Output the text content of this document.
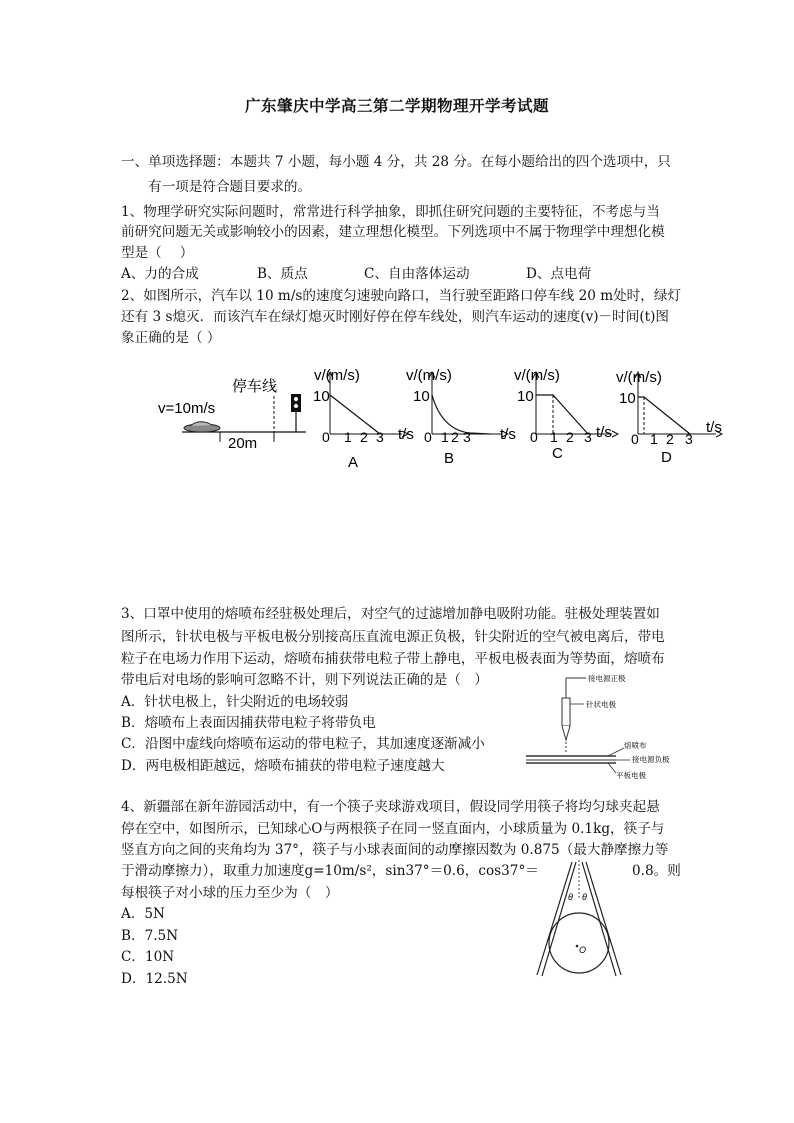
广东肇庆中学高三第二学期物理开学考试题
一、单项选择题：本题共 7 小题，每小题 4 分，共 28 分。在每小题给出的四个选项中，只
有一项是符合题目要求的。
1、物理学研究实际问题时，常常进行科学抽象，即抓住研究问题的主要特征，不考虑与当
前研究问题无关或影响较小的因素，建立理想化模型。下列选项中不属于物理学中理想化模
型是（　 ）
A、力的合成	B、质点	C、自由落体运动	D、点电荷
2、如图所示，汽车以 10 m/s的速度匀速驶向路口，当行驶至距路口停车线 20 m处时，绿灯
还有 3 s熄灭．而该汽车在绿灯熄灭时刚好停在停车线处，则汽车运动的速度(v)－时间(t)图
象正确的是（ ）
停车线
v=10m/s
20m
v/(m/s)
10
t/s
0 1 2 3
A
v/(m/s)
10
t/s
0 1 2 3
B
v/(m/s)
10
t/s
0 1 2 3
C
v/(m/s)
10
t/s
0 1 2 3
D
3、口罩中使用的熔喷布经驻极处理后，对空气的过滤增加静电吸附功能。驻极处理装置如
图所示，针状电极与平板电极分别接高压直流电源正负极，针尖附近的空气被电离后，带电
粒子在电场力作用下运动，熔喷布捕获带电粒子带上静电，平板电极表面为等势面，熔喷布
带电后对电场的影响可忽略不计，则下列说法正确的是（　）
A．针状电极上，针尖附近的电场较弱
B．熔喷布上表面因捕获带电粒子将带负电
C．沿图中虚线向熔喷布运动的带电粒子，其加速度逐渐减小
D．两电极相距越远，熔喷布捕获的带电粒子速度越大
接电源正极
针状电极
熔喷布
接电源负极
平板电极
4、新疆部在新年游园活动中，有一个筷子夹球游戏项目，假设同学用筷子将均匀球夹起悬
停在空中，如图所示，已知球心O与两根筷子在同一竖直面内，小球质量为 0.1kg，筷子与
竖直方向之间的夹角均为 37°，筷子与小球表面间的动摩擦因数为 0.875（最大静摩擦力等
于滑动摩擦力），取重力加速度g=10m/s²，sin37°＝0.6，cos37°＝	0.8。则
每根筷子对小球的压力至少为（　）
A．5N
B．7.5N
C．10N
D．12.5N
θ θ
O
